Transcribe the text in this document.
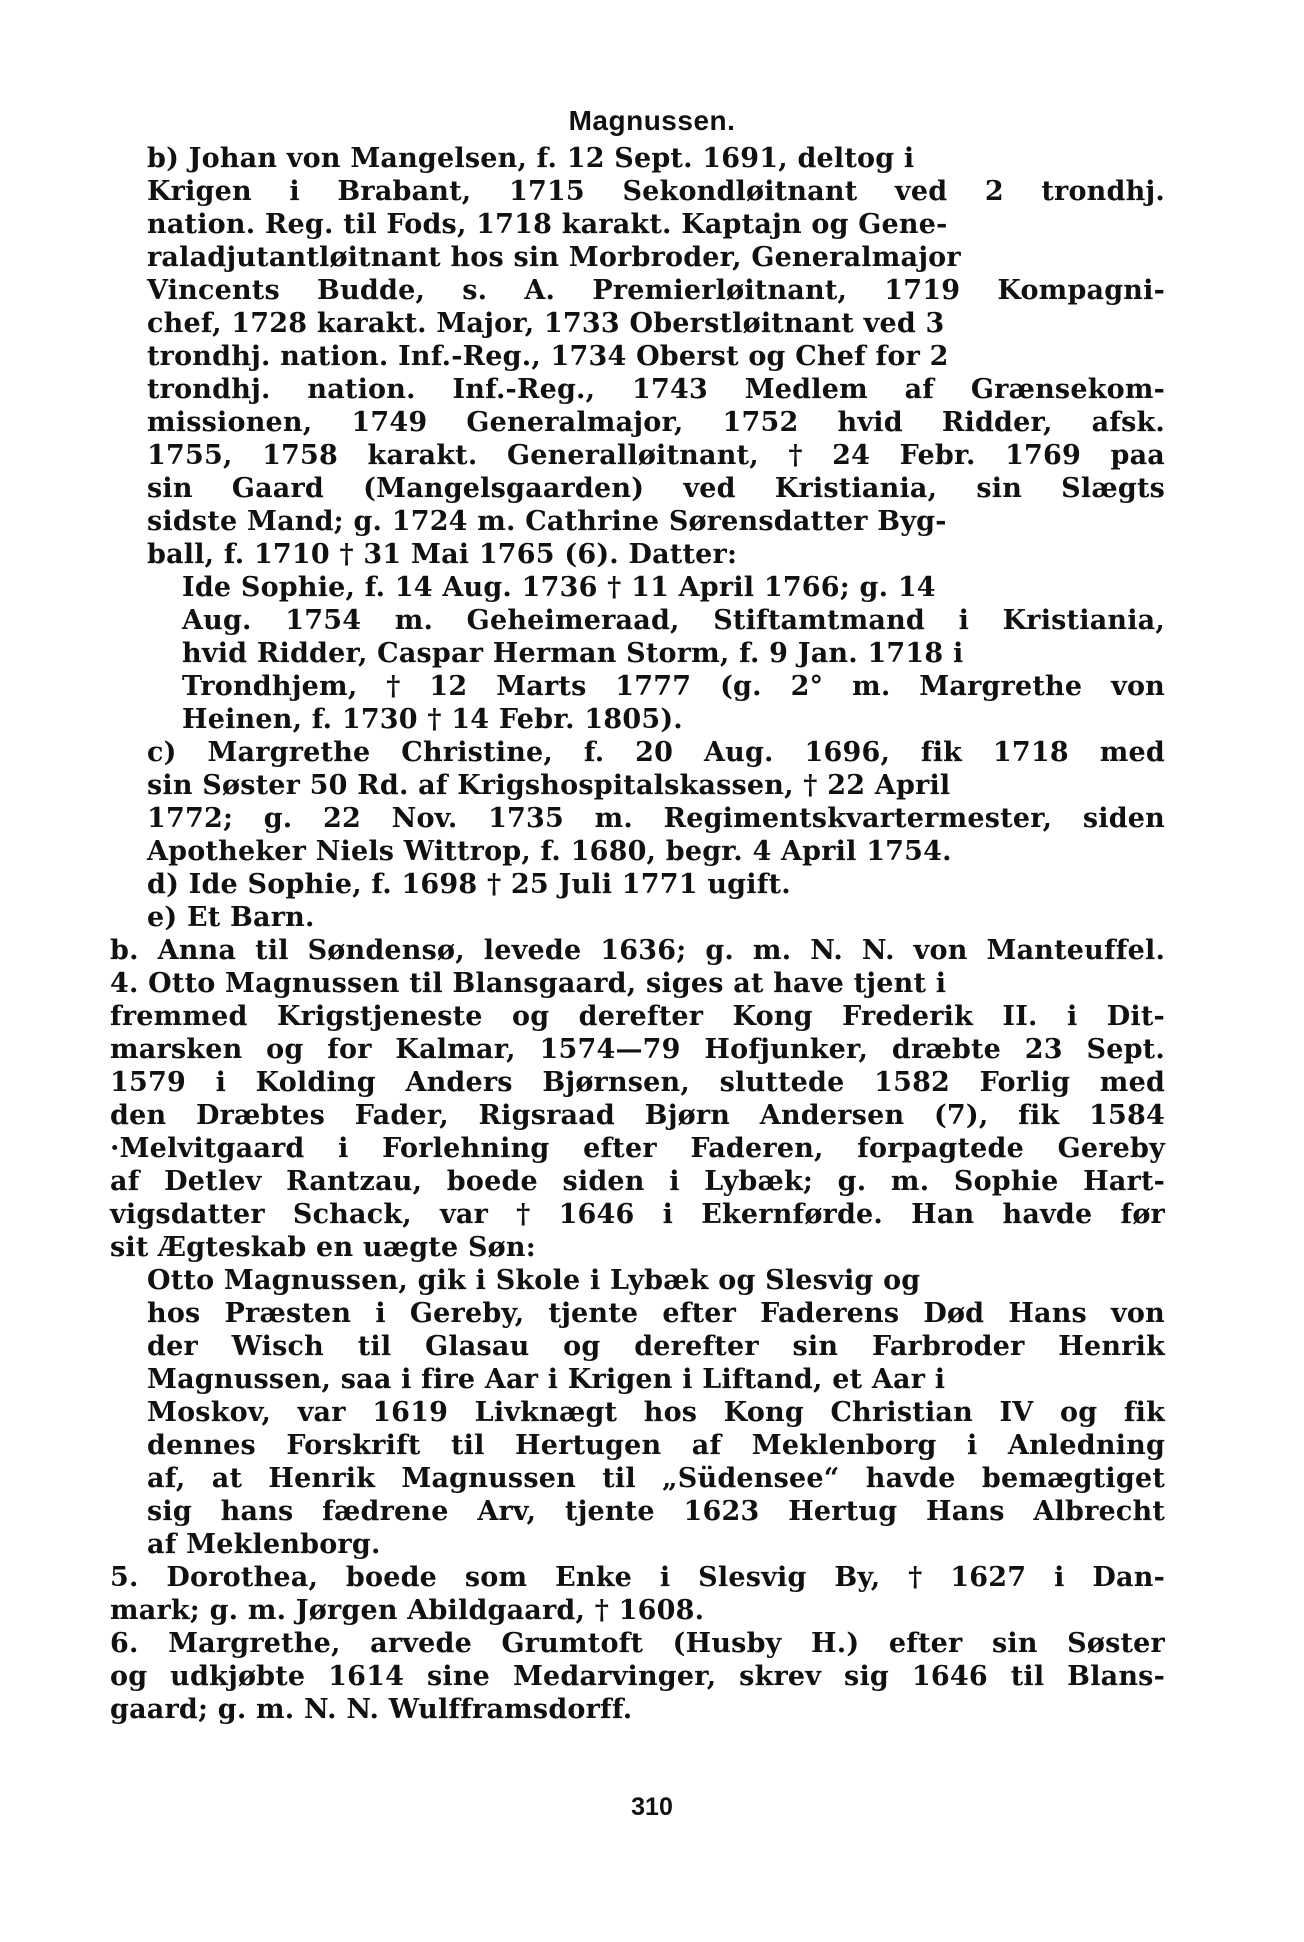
Magnussen.
b) Johan von Mangelsen, f. 12 Sept. 1691, deltog i
Krigen i Brabant, 1715 Sekondløitnant ved 2 trondhj.
nation. Reg. til Fods, 1718 karakt. Kaptajn og Gene-
raladjutantløitnant hos sin Morbroder, Generalmajor
Vincents Budde, s. A. Premierløitnant, 1719 Kompagni-
chef, 1728 karakt. Major, 1733 Oberstløitnant ved 3
trondhj. nation. Inf.-Reg., 1734 Oberst og Chef for 2
trondhj. nation. Inf.-Reg., 1743 Medlem af Grænsekom-
missionen, 1749 Generalmajor, 1752 hvid Ridder, afsk.
1755, 1758 karakt. Generalløitnant, † 24 Febr. 1769 paa
sin Gaard (Mangelsgaarden) ved Kristiania, sin Slægts
sidste Mand; g. 1724 m. Cathrine Sørensdatter Byg-
ball, f. 1710 † 31 Mai 1765 (6). Datter:
Ide Sophie, f. 14 Aug. 1736 † 11 April 1766; g. 14
Aug. 1754 m. Geheimeraad, Stiftamtmand i Kristiania,
hvid Ridder, Caspar Herman Storm, f. 9 Jan. 1718 i
Trondhjem, † 12 Marts 1777 (g. 2° m. Margrethe von
Heinen, f. 1730 † 14 Febr. 1805).
c) Margrethe Christine, f. 20 Aug. 1696, fik 1718 med
sin Søster 50 Rd. af Krigshospitalskassen, † 22 April
1772; g. 22 Nov. 1735 m. Regimentskvartermester, siden
Apotheker Niels Wittrop, f. 1680, begr. 4 April 1754.
d) Ide Sophie, f. 1698 † 25 Juli 1771 ugift.
e) Et Barn.
b. Anna til Søndensø, levede 1636; g. m. N. N. von Manteuffel.
4. Otto Magnussen til Blansgaard, siges at have tjent i
fremmed Krigstjeneste og derefter Kong Frederik II. i Dit-
marsken og for Kalmar, 1574—79 Hofjunker, dræbte 23 Sept.
1579 i Kolding Anders Bjørnsen, sluttede 1582 Forlig med
den Dræbtes Fader, Rigsraad Bjørn Andersen (7), fik 1584
·Melvitgaard i Forlehning efter Faderen, forpagtede Gereby
af Detlev Rantzau, boede siden i Lybæk; g. m. Sophie Hart-
vigsdatter Schack, var † 1646 i Ekernførde. Han havde før
sit Ægteskab en uægte Søn:
Otto Magnussen, gik i Skole i Lybæk og Slesvig og
hos Præsten i Gereby, tjente efter Faderens Død Hans von
der Wisch til Glasau og derefter sin Farbroder Henrik
Magnussen, saa i fire Aar i Krigen i Liftand, et Aar i
Moskov, var 1619 Livknægt hos Kong Christian IV og fik
dennes Forskrift til Hertugen af Meklenborg i Anledning
af, at Henrik Magnussen til „Südensee“ havde bemægtiget
sig hans fædrene Arv, tjente 1623 Hertug Hans Albrecht
af Meklenborg.
5. Dorothea, boede som Enke i Slesvig By, † 1627 i Dan-
mark; g. m. Jørgen Abildgaard, † 1608.
6. Margrethe, arvede Grumtoft (Husby H.) efter sin Søster
og udkjøbte 1614 sine Medarvinger, skrev sig 1646 til Blans-
gaard; g. m. N. N. Wulfframsdorff.
310
